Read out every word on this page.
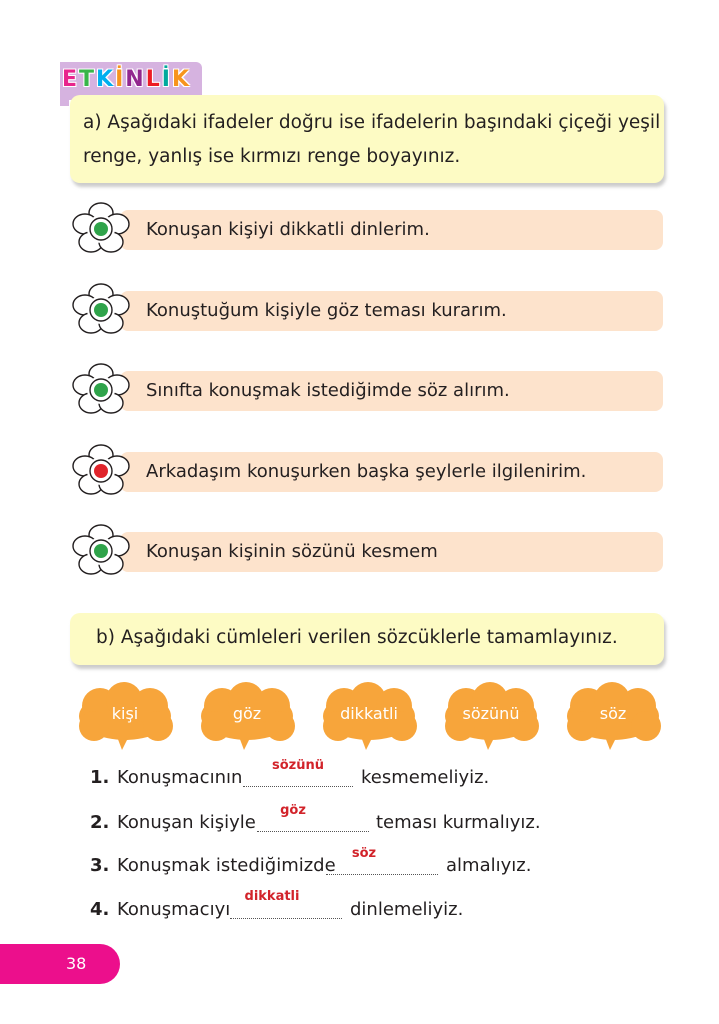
E T K İ N L İ K
a) Aşağıdaki ifadeler doğru ise ifadelerin başındaki çiçeği yeşil renge, yanlış ise kırmızı renge boyayınız.
Konuşan kişiyi dikkatli dinlerim.
Konuştuğum kişiyle göz teması kurarım.
Sınıfta konuşmak istediğimde söz alırım.
Arkadaşım konuşurken başka şeylerle ilgilenirim.
Konuşan kişinin sözünü kesmem
b) Aşağıdaki cümleleri verilen sözcüklerle tamamlayınız.
kişi	göz	dikkatli	sözünü	söz
1. Konuşmacının
sözünü
kesmemeliyiz.
2. Konuşan kişiyle
göz
teması kurmalıyız.
3. Konuşmak istediğimizde
söz
almalıyız.
4. Konuşmacıyı
dikkatli
dinlemeliyiz.
38
